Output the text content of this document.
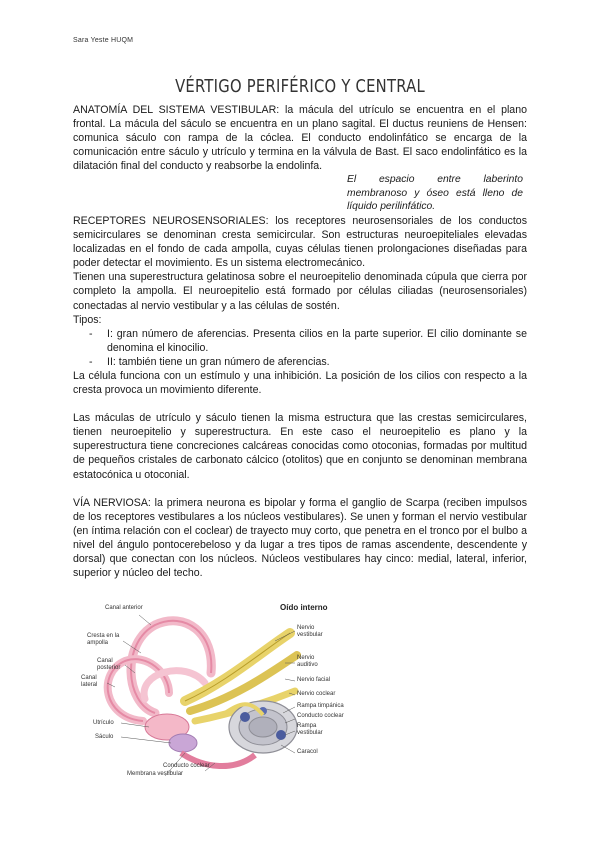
Sara Yeste HUQM
VÉRTIGO PERIFÉRICO Y CENTRAL

ANATOMÍA DEL SISTEMA VESTIBULAR: la mácula del utrículo se encuentra en el plano frontal. La mácula del sáculo se encuentra en un plano sagital. El ductus reuniens de Hensen: comunica sáculo con rampa de la cóclea. El conducto endolinfático se encarga de la comunicación entre sáculo y utrículo y termina en la válvula de Bast. El saco endolinfático es la dilatación final del conducto y reabsorbe la endolinfa.

El espacio entre laberinto membranoso y óseo está lleno de líquido perilinfático.

RECEPTORES NEUROSENSORIALES: los receptores neurosensoriales de los conductos semicirculares se denominan cresta semicircular. Son estructuras neuroepiteliales elevadas localizadas en el fondo de cada ampolla, cuyas células tienen prolongaciones diseñadas para poder detectar el movimiento. Es un sistema electromecánico.

Tienen una superestructura gelatinosa sobre el neuroepitelio denominada cúpula que cierra por completo la ampolla. El neuroepitelio está formado por células ciliadas (neurosensoriales) conectadas al nervio vestibular y a las células de sostén.

Tipos:

- I: gran número de aferencias. Presenta cilios en la parte superior. El cilio dominante se denomina el kinocilio.
- II: también tiene un gran número de aferencias.

La célula funciona con un estímulo y una inhibición. La posición de los cilios con respecto a la cresta provoca un movimiento diferente.

Las máculas de utrículo y sáculo tienen la misma estructura que las crestas semicirculares, tienen neuroepitelio y superestructura. En este caso el neuroepitelio es plano y la superestructura tiene concreciones calcáreas conocidas como otoconias, formadas por multitud de pequeños cristales de carbonato cálcico (otolitos) que en conjunto se denominan membrana estatocónica u otoconial.

VÍA NERVIOSA: la primera neurona es bipolar y forma el ganglio de Scarpa (reciben impulsos de los receptores vestibulares a los núcleos vestibulares). Se unen y forman el nervio vestibular (en íntima relación con el coclear) de trayecto muy corto, que penetra en el tronco por el bulbo a nivel del ángulo pontocerebeloso y da lugar a tres tipos de ramas ascendente, descendente y dorsal) que conectan con los núcleos. Núcleos vestibulares hay cinco: medial, lateral, inferior, superior y núcleo del techo.

Oído interno
Canal anterior
Cresta en la ampolla
Canal posterior
Canal lateral
Utrículo
Sáculo
Conducto coclear
Membrana vestibular
Nervio vestibular
Nervio auditivo
Nervio facial
Nervio coclear
Rampa timpánica
Conducto coclear
Rampa vestibular
Caracol
